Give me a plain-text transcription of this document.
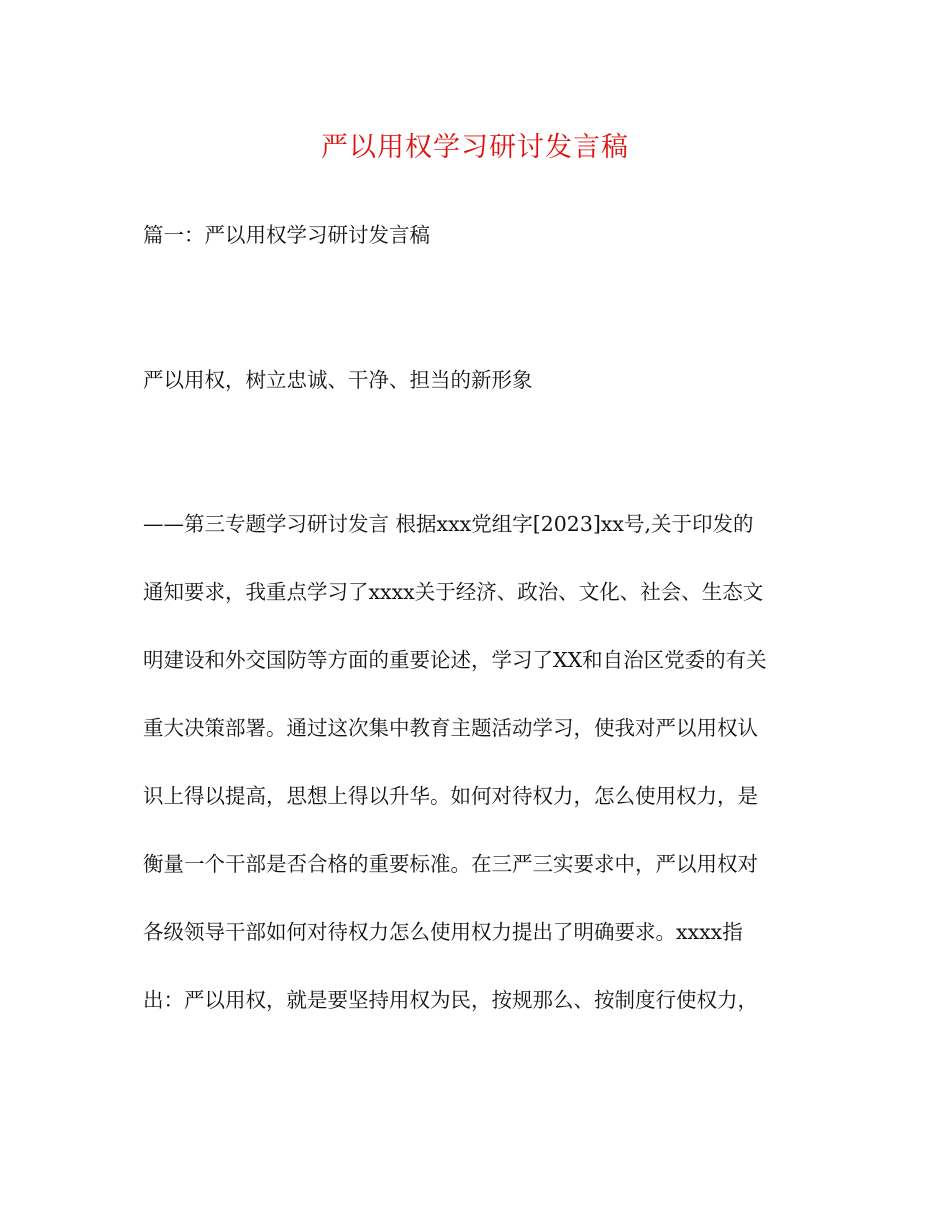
严以用权学习研讨发言稿

篇一：严以用权学习研讨发言稿

严以用权，树立忠诚、干净、担当的新形象

——第三专题学习研讨发言 根据xxx党组字[2023]xx号,关于印发的
通知要求，我重点学习了xxxx关于经济、政治、文化、社会、生态文
明建设和外交国防等方面的重要论述，学习了XX和自治区党委的有关
重大决策部署。通过这次集中教育主题活动学习，使我对严以用权认
识上得以提高，思想上得以升华。如何对待权力，怎么使用权力，是
衡量一个干部是否合格的重要标准。在三严三实要求中，严以用权对
各级领导干部如何对待权力怎么使用权力提出了明确要求。xxxx指
出：严以用权，就是要坚持用权为民，按规那么、按制度行使权力，
